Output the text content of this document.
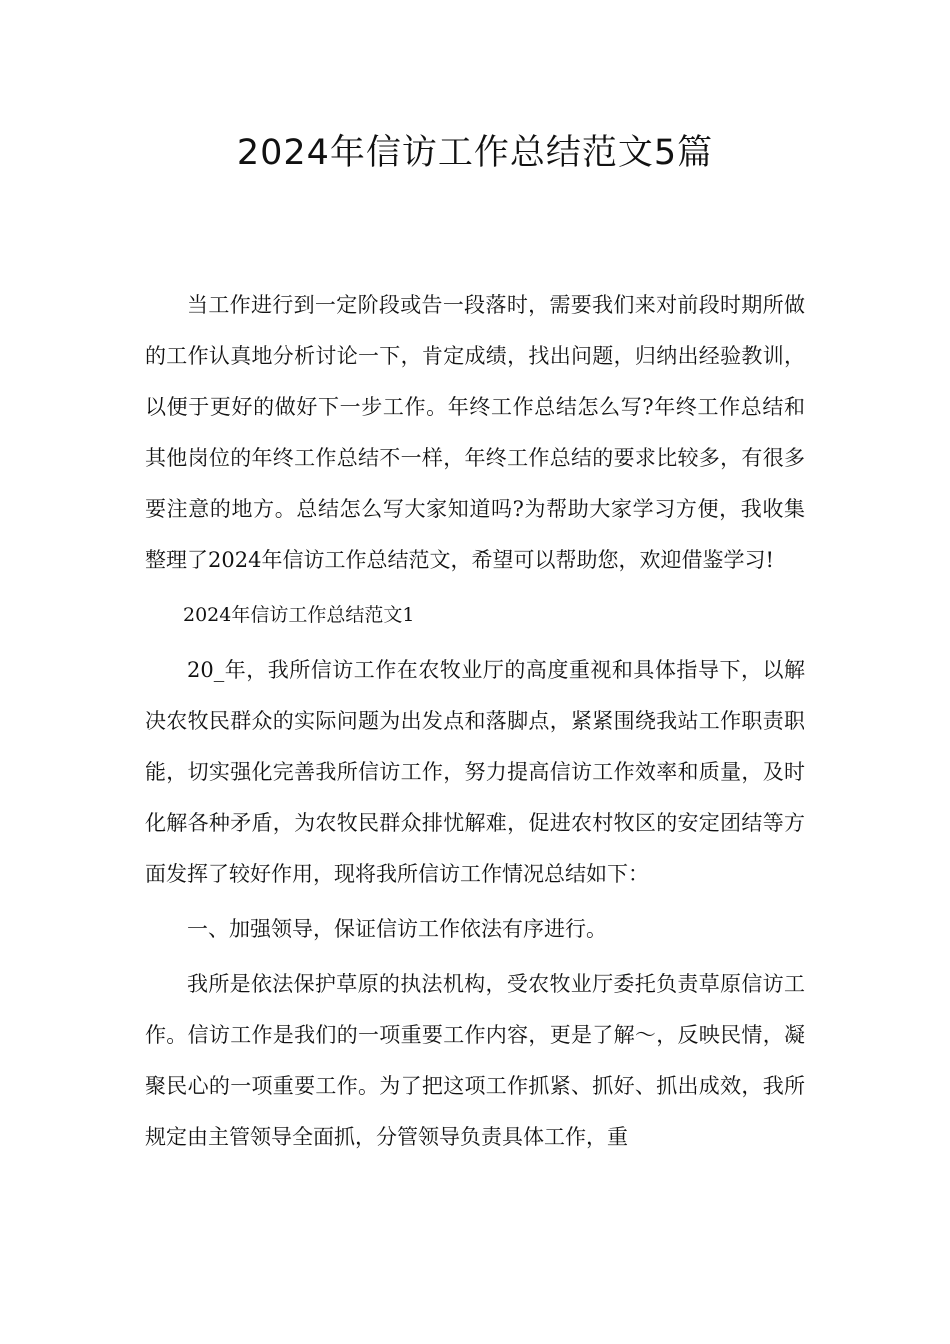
2024年信访工作总结范文5篇

当工作进行到一定阶段或告一段落时，需要我们来对前段时期所做的工作认真地分析讨论一下，肯定成绩，找出问题，归纳出经验教训，以便于更好的做好下一步工作。年终工作总结怎么写?年终工作总结和其他岗位的年终工作总结不一样，年终工作总结的要求比较多，有很多要注意的地方。总结怎么写大家知道吗?为帮助大家学习方便，我收集整理了2024年信访工作总结范文，希望可以帮助您，欢迎借鉴学习!

2024年信访工作总结范文1

20_年，我所信访工作在农牧业厅的高度重视和具体指导下，以解决农牧民群众的实际问题为出发点和落脚点，紧紧围绕我站工作职责职能，切实强化完善我所信访工作，努力提高信访工作效率和质量，及时化解各种矛盾，为农牧民群众排忧解难，促进农村牧区的安定团结等方面发挥了较好作用，现将我所信访工作情况总结如下：

一、加强领导，保证信访工作依法有序进行。

我所是依法保护草原的执法机构，受农牧业厅委托负责草原信访工作。信访工作是我们的一项重要工作内容，更是了解～，反映民情，凝聚民心的一项重要工作。为了把这项工作抓紧、抓好、抓出成效，我所规定由主管领导全面抓，分管领导负责具体工作，重
